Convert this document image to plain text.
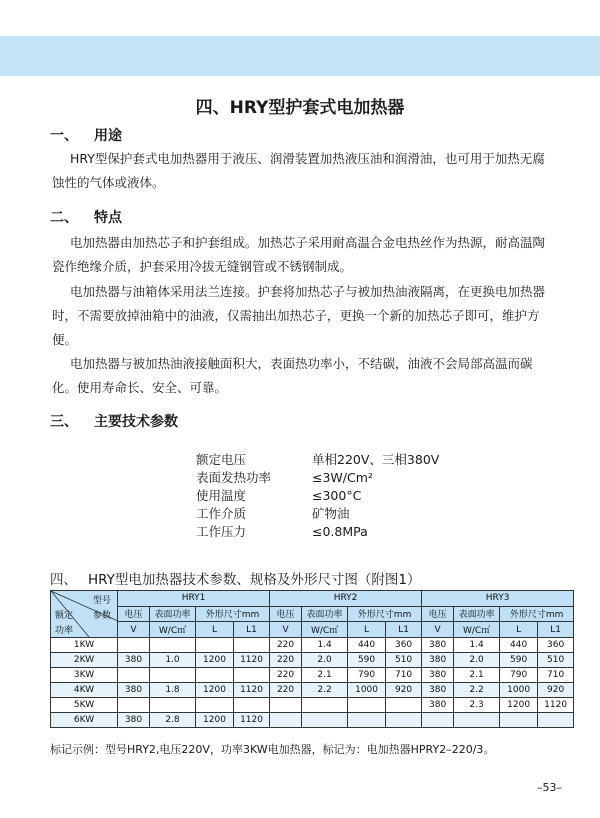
四、HRY型护套式电加热器
一、 用途
HRY型保护套式电加热器用于液压、润滑装置加热液压油和润滑油，也可用于加热无腐蚀性的气体或液体。
二、 特点
电加热器由加热芯子和护套组成。加热芯子采用耐高温合金电热丝作为热源，耐高温陶瓷作绝缘介质，护套采用冷拔无缝钢管或不锈钢制成。
电加热器与油箱体采用法兰连接。护套将加热芯子与被加热油液隔离，在更换电加热器时，不需要放掉油箱中的油液，仅需抽出加热芯子，更换一个新的加热芯子即可，维护方便。
电加热器与被加热油液接触面积大，表面热功率小，不结碳，油液不会局部高温而碳化。使用寿命长、安全、可靠。
三、 主要技术参数
额定电压	单相220V、三相380V
表面发热功率	≤3W/Cm²
使用温度	≤300°C
工作介质	矿物油
工作压力	≤0.8MPa
四、 HRY型电加热器技术参数、规格及外形尺寸图（附图1）
型号
参数
额定
功率	HRY1				HRY2				HRY3			
	电压	表面功率	外形尺寸mm		电压	表面功率	外形尺寸mm		电压	表面功率	外形尺寸mm	
	V	W/C㎡	L	L1	V	W/C㎡	L	L1	V	W/C㎡	L	L1
1KW					220	1.4	440	360	380	1.4	440	360
2KW	380	1.0	1200	1120	220	2.0	590	510	380	2.0	590	510
3KW					220	2.1	790	710	380	2.1	790	710
4KW	380	1.8	1200	1120	220	2.2	1000	920	380	2.2	1000	920
5KW									380	2.3	1200	1120
6KW	380	2.8	1200	1120								
标记示例：型号HRY2,电压220V，功率3KW电加热器，标记为：电加热器HPRY2–220/3。
–53–
